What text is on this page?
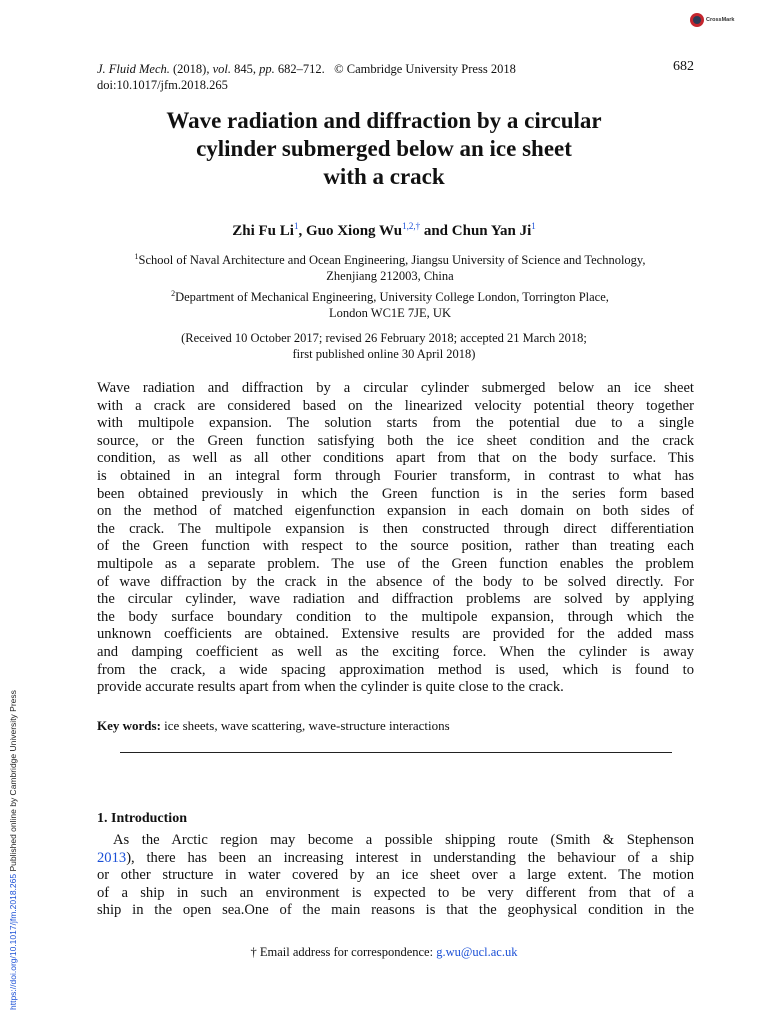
CrossMark
J. Fluid Mech. (2018), vol. 845, pp. 682–712. © Cambridge University Press 2018
doi:10.1017/jfm.2018.265
682
Wave radiation and diffraction by a circular
cylinder submerged below an ice sheet
with a crack
Zhi Fu Li$^1$, Guo Xiong $Wu^{1,2,\dagger}$ and Chun Yan Ji$^1$
$^1$School of Naval Architecture and Ocean Engineering, Jiangsu University of Science and Technology,
Zhenjiang 212003, China
$^2$Department of Mechanical Engineering, University College London, Torrington Place,
London WC1E 7JE, UK
(Received 10 October 2017; revised 26 February 2018; accepted 21 March 2018;
first published online 30 April 2018)
Wave radiation and diffraction by a circular cylinder submerged below an ice sheet
with a crack are considered based on the linearized velocity potential theory together
with multipole expansion. The solution starts from the potential due to a single
source, or the Green function satisfying both the ice sheet condition and the crack
condition, as well as all other conditions apart from that on the body surface. This
is obtained in an integral form through Fourier transform, in contrast to what has
been obtained previously in which the Green function is in the series form based
on the method of matched eigenfunction expansion in each domain on both sides of
the crack. The multipole expansion is then constructed through direct differentiation
of the Green function with respect to the source position, rather than treating each
multipole as a separate problem. The use of the Green function enables the problem
of wave diffraction by the crack in the absence of the body to be solved directly. For
the circular cylinder, wave radiation and diffraction problems are solved by applying
the body surface boundary condition to the multipole expansion, through which the
unknown coefficients are obtained. Extensive results are provided for the added mass
and damping coefficient as well as the exciting force. When the cylinder is away
from the crack, a wide spacing approximation method is used, which is found to
provide accurate results apart from when the cylinder is quite close to the crack.
Key words: ice sheets, wave scattering, wave-structure interactions
1. Introduction
As the Arctic region may become a possible shipping route (Smith & Stephenson
2013), there has been an increasing interest in understanding the behaviour of a ship
or other structure in water covered by an ice sheet over a large extent. The motion
of a ship in such an environment is expected to be very different from that of a
ship in the open sea.One of the main reasons is that the geophysical condition in the
† Email address for correspondence: g.wu@ucl.ac.uk
https://doi.org/10.1017/jfm.2018.265 Published online by Cambridge University Press
